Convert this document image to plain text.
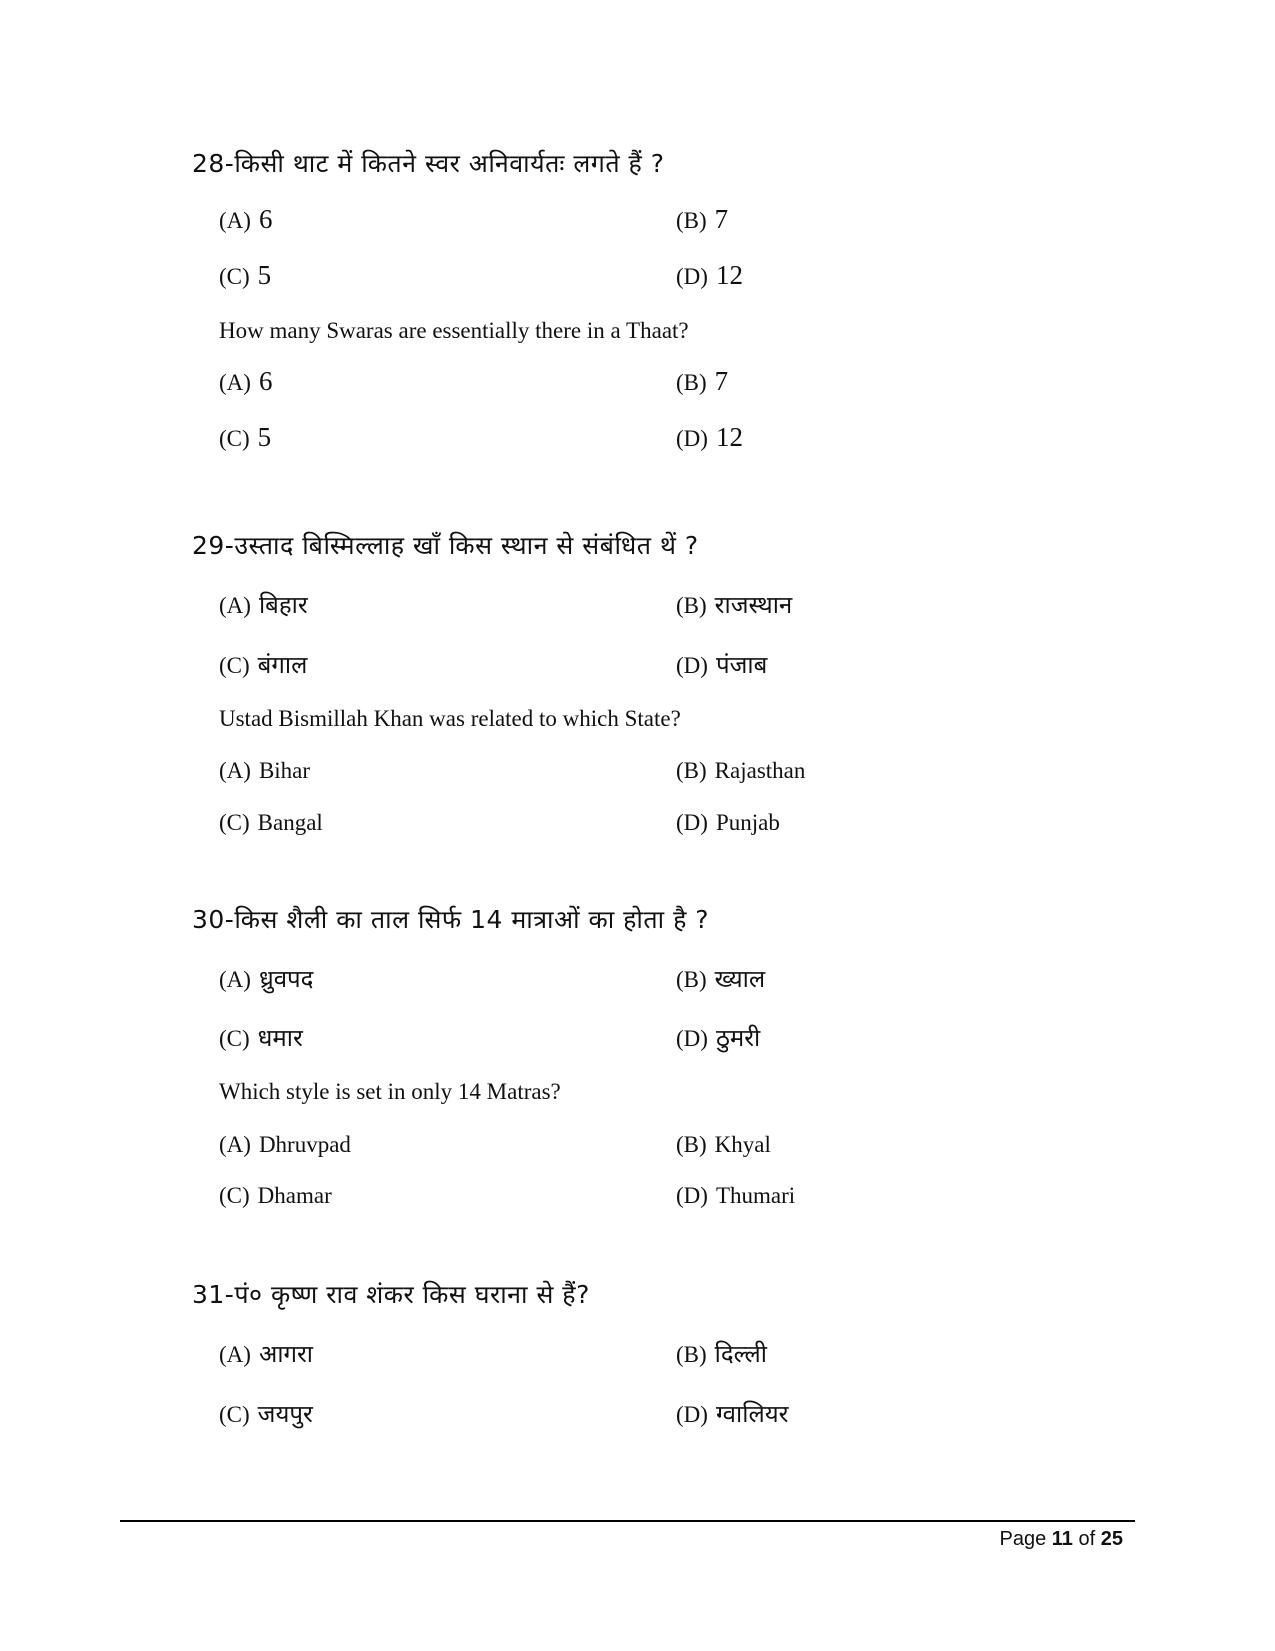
28-किसी थाट में कितने स्वर अनिवार्यतः लगते हैं ?
(A) 6	(B) 7
(C) 5	(D) 12
How many Swaras are essentially there in a Thaat?
(A) 6	(B) 7
(C) 5	(D) 12
29-उस्ताद बिस्मिल्लाह खाँ किस स्थान से संबंधित थें ?
(A) बिहार	(B) राजस्थान
(C) बंगाल	(D) पंजाब
Ustad Bismillah Khan was related to which State?
(A) Bihar	(B) Rajasthan
(C) Bangal	(D) Punjab
30-किस शैली का ताल सिर्फ 14 मात्राओं का होता है ?
(A) ध्रुवपद	(B) ख्याल
(C) धमार	(D) ठुमरी
Which style is set in only 14 Matras?
(A) Dhruvpad	(B) Khyal
(C) Dhamar	(D) Thumari
31-पं० कृष्ण राव शंकर किस घराना से हैं?
(A) आगरा	(B) दिल्ली
(C) जयपुर	(D) ग्वालियर
Page 11 of 25
